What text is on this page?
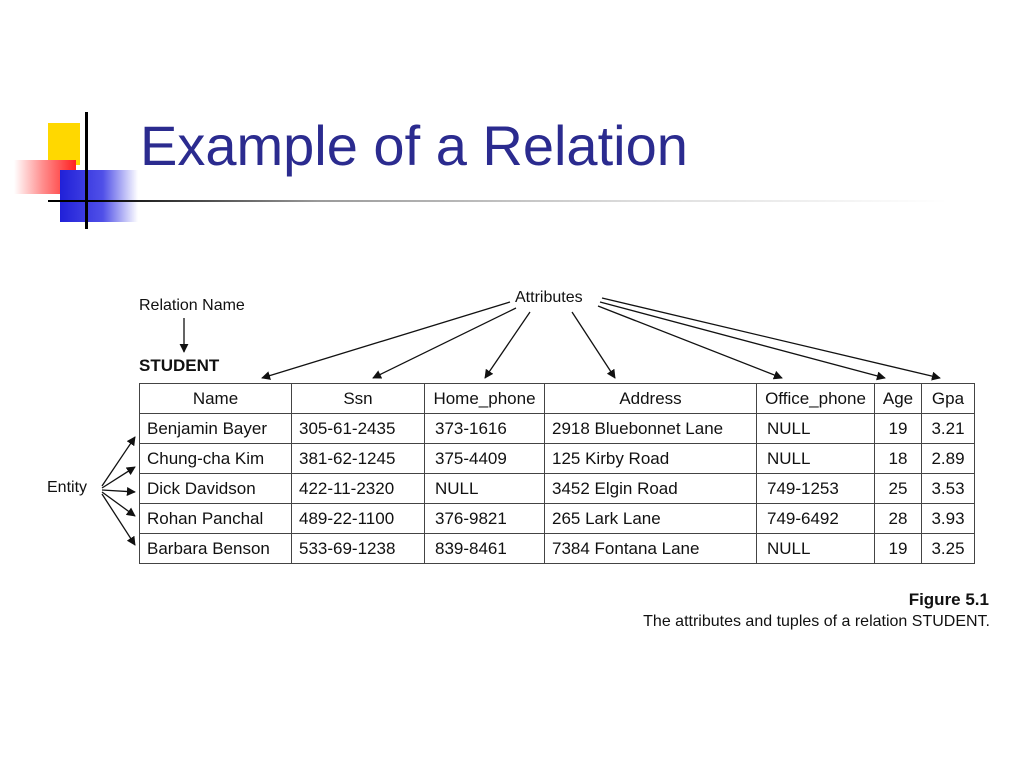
Example of a Relation
Relation Name	Attributes
Entity
STUDENT
Name	Ssn	Home_phone	Address	Office_phone	Age	Gpa
Benjamin Bayer	305-61-2435	373-1616	2918 Bluebonnet Lane	NULL	19	3.21
Chung-cha Kim	381-62-1245	375-4409	125 Kirby Road	NULL	18	2.89
Dick Davidson	422-11-2320	NULL	3452 Elgin Road	749-1253	25	3.53
Rohan Panchal	489-22-1100	376-9821	265 Lark Lane	749-6492	28	3.93
Barbara Benson	533-69-1238	839-8461	7384 Fontana Lane	NULL	19	3.25
Figure 5.1
The attributes and tuples of a relation STUDENT.
